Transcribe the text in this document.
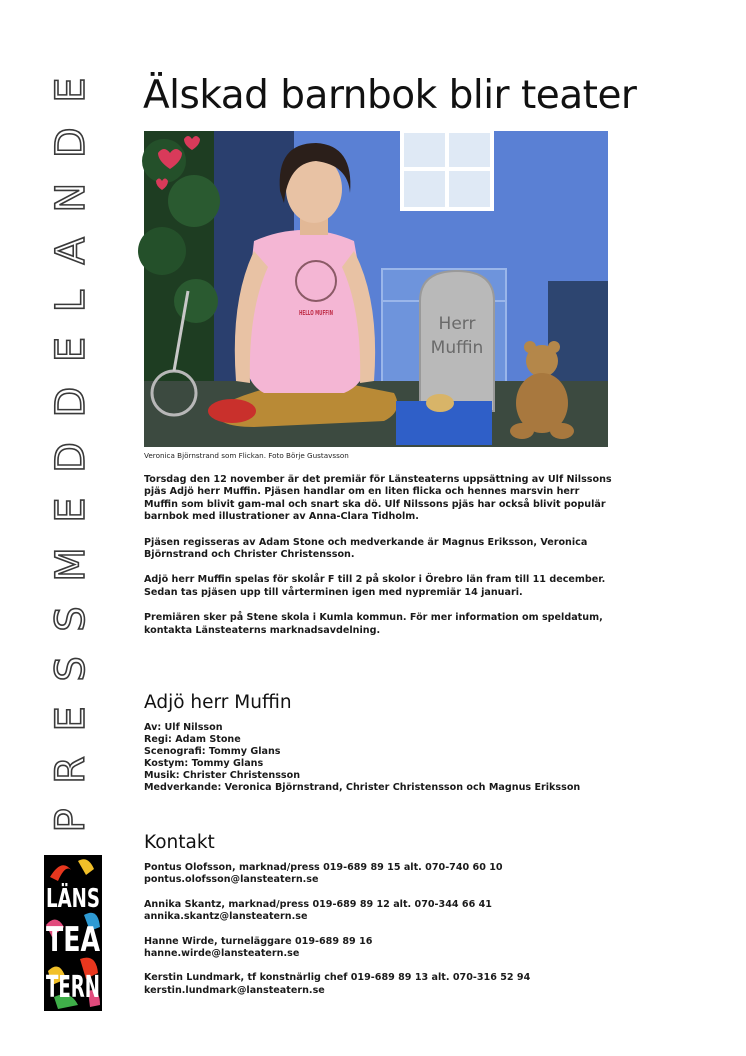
PRESSMEDDELANDE
LÄNS
TEA
TERN
Älskad barnbok blir teater
HELLO MUFFIN
Herr
Muffin
Veronica Björnstrand som Flickan. Foto Börje Gustavsson

Torsdag den 12 november är det premiär för Länsteaterns uppsättning av Ulf Nilssons pjäs Adjö herr Muffin. Pjäsen handlar om en liten flicka och hennes marsvin herr Muffin som blivit gam-mal och snart ska dö. Ulf Nilssons pjäs har också blivit populär barnbok med illustrationer av Anna-Clara Tidholm.

Pjäsen regisseras av Adam Stone och medverkande är Magnus Eriksson, Veronica Björnstrand och Christer Christensson.

Adjö herr Muffin spelas för skolår F till 2 på skolor i Örebro län fram till 11 december. Sedan tas pjäsen upp till vårterminen igen med nypremiär 14 januari.

Premiären sker på Stene skola i Kumla kommun. För mer information om speldatum, kontakta Länsteaterns marknadsavdelning.

Adjö herr Muffin
Av: Ulf Nilsson
Regi: Adam Stone
Scenografi: Tommy Glans
Kostym: Tommy Glans
Musik: Christer Christensson
Medverkande: Veronica Björnstrand, Christer Christensson och Magnus Eriksson
Kontakt
Pontus Olofsson, marknad/press 019-689 89 15 alt. 070-740 60 10
pontus.olofsson@lansteatern.se
Annika Skantz, marknad/press 019-689 89 12 alt. 070-344 66 41
annika.skantz@lansteatern.se
Hanne Wirde, turneläggare 019-689 89 16
hanne.wirde@lansteatern.se
Kerstin Lundmark, tf konstnärlig chef 019-689 89 13 alt. 070-316 52 94
kerstin.lundmark@lansteatern.se
